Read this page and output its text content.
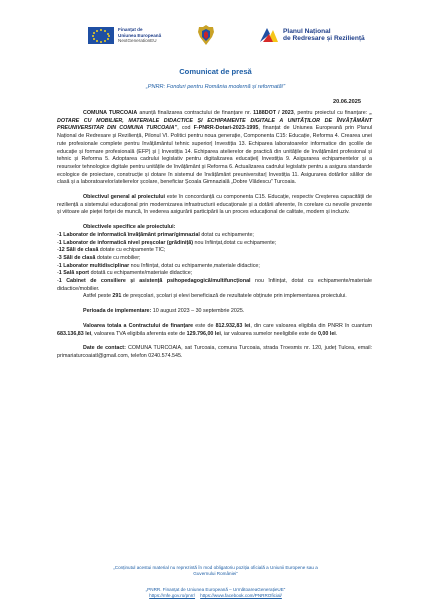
Finanțat de
Uniunea Europeană
NextGenerationEU
Planul Național
de Redresare și Reziliență
Comunicat de presă
„PNRR: Fonduri pentru România modernă și reformată!”
20.06.2025

COMUNA TURCOAIA anunță finalizarea contractului de finanțare nr. 1188DOT / 2023, pentru proiectul cu finanțare: „ DOTARE CU MOBILIER, MATERIALE DIDACTICE ȘI ECHIPAMENTE DIGITALE A UNITĂȚILOR DE ÎNVĂȚĂMÂNT PREUNIVERSITAR DIN COMUNA TURCOAIA”, cod F-PNRR-Dotari-2023-1995, finanțat de Uniunea Europeană prin Planul Național de Redresare și Reziliență, Pilonul VI. Politici pentru noua generație, Componenta C15: Educație, Reforma 4. Crearea unei rute profesionale complete pentru învățământul tehnic superior| Investiția 13. Echiparea laboratoarelor informatice din școlile de educație și formare profesională (EFP) și | Investiția 14. Echiparea atelierelor de practică din unitățile de învățământ profesional și tehnic și Reforma 5. Adoptarea cadrului legislativ pentru digitalizarea educației| Investiția 9. Asigurarea echipamentelor și a resurselor tehnologice digitale pentru unitățile de învățământ și Reforma 6. Actualizarea cadrului legislativ pentru a asigura standarde ecologice de proiectare, construcție și dotare în sistemul de învățământ preuniversitar| Investiția 11. Asigurarea dotărilor sălilor de clasă și a laboratoarelor/atelierelor școlare, beneficiar Școala Gimnazială „Dobre Vlădescu” Turcoaia.

Obiectivul general al proiectului este în concordanță cu componenta C15. Educație, respectiv Creșterea capacității de reziliență a sistemului educațional prin modernizarea infrastructurii educaționale și a dotării aferente, în corelare cu nevoile prezente și viitoare ale pieței forței de muncă, în vederea asigurării participării la un proces educațional de calitate, modern și incluziv.

Obiectivele specifice ale proiectului:

-1 Laborator de informatică învățământ primar/gimnazial dotat cu echipamente;
-1 Laborator de informatică nivel preșcolar (grădiniță) nou înființat,dotat cu echipamente;
-12 Săli de clasă dotate cu echipamente TIC;
-3 Săli de clasă dotate cu mobilier;
-1 Laborator multidisciplinar nou înființat, dotat cu echipamente,materiale didactice;
-1 Sală sport dotată cu echipamente/materiale didactice;
-1 Cabinet de consiliere și asistență psihopedagogică/multifuncțional nou înființat, dotat cu echipamente/materiale didactice/mobilier.

Astfel peste 291 de preșcolari, școlari și elevi beneficiază de rezultatele obținute prin implementarea proiectului.

Perioada de implementare: 10 august 2023 – 30 septembrie 2025.

Valoarea totala a Contractului de finanțare este de 812.932,83 lei, din care valoarea eligibila din PNRR în cuantum 683.136,83 lei, valoarea TVA eligibila aferenta este de 129.796,00 lei, iar valoarea sumelor neeligibile este de 0,00 lei.

Date de contact: COMUNA TURCOAIA, sat Turcoaia, comuna Turcoaia, strada Troesmis nr. 120, județ Tulcea, email: primariaturcoaiatl@gmail.com, telefon 0240.574.545.

„Conținutul acestui material nu reprezintă în mod obligatoriu poziția oficială a Uniunii Europene sau a
Guvernului României”
„PNRR. Finanțat de Uniunea Europeană – UrmătoareaGenerațieUE”
https://mfe.gov.ro/pnrr/ https://www.facebook.com/PNRROficial/
